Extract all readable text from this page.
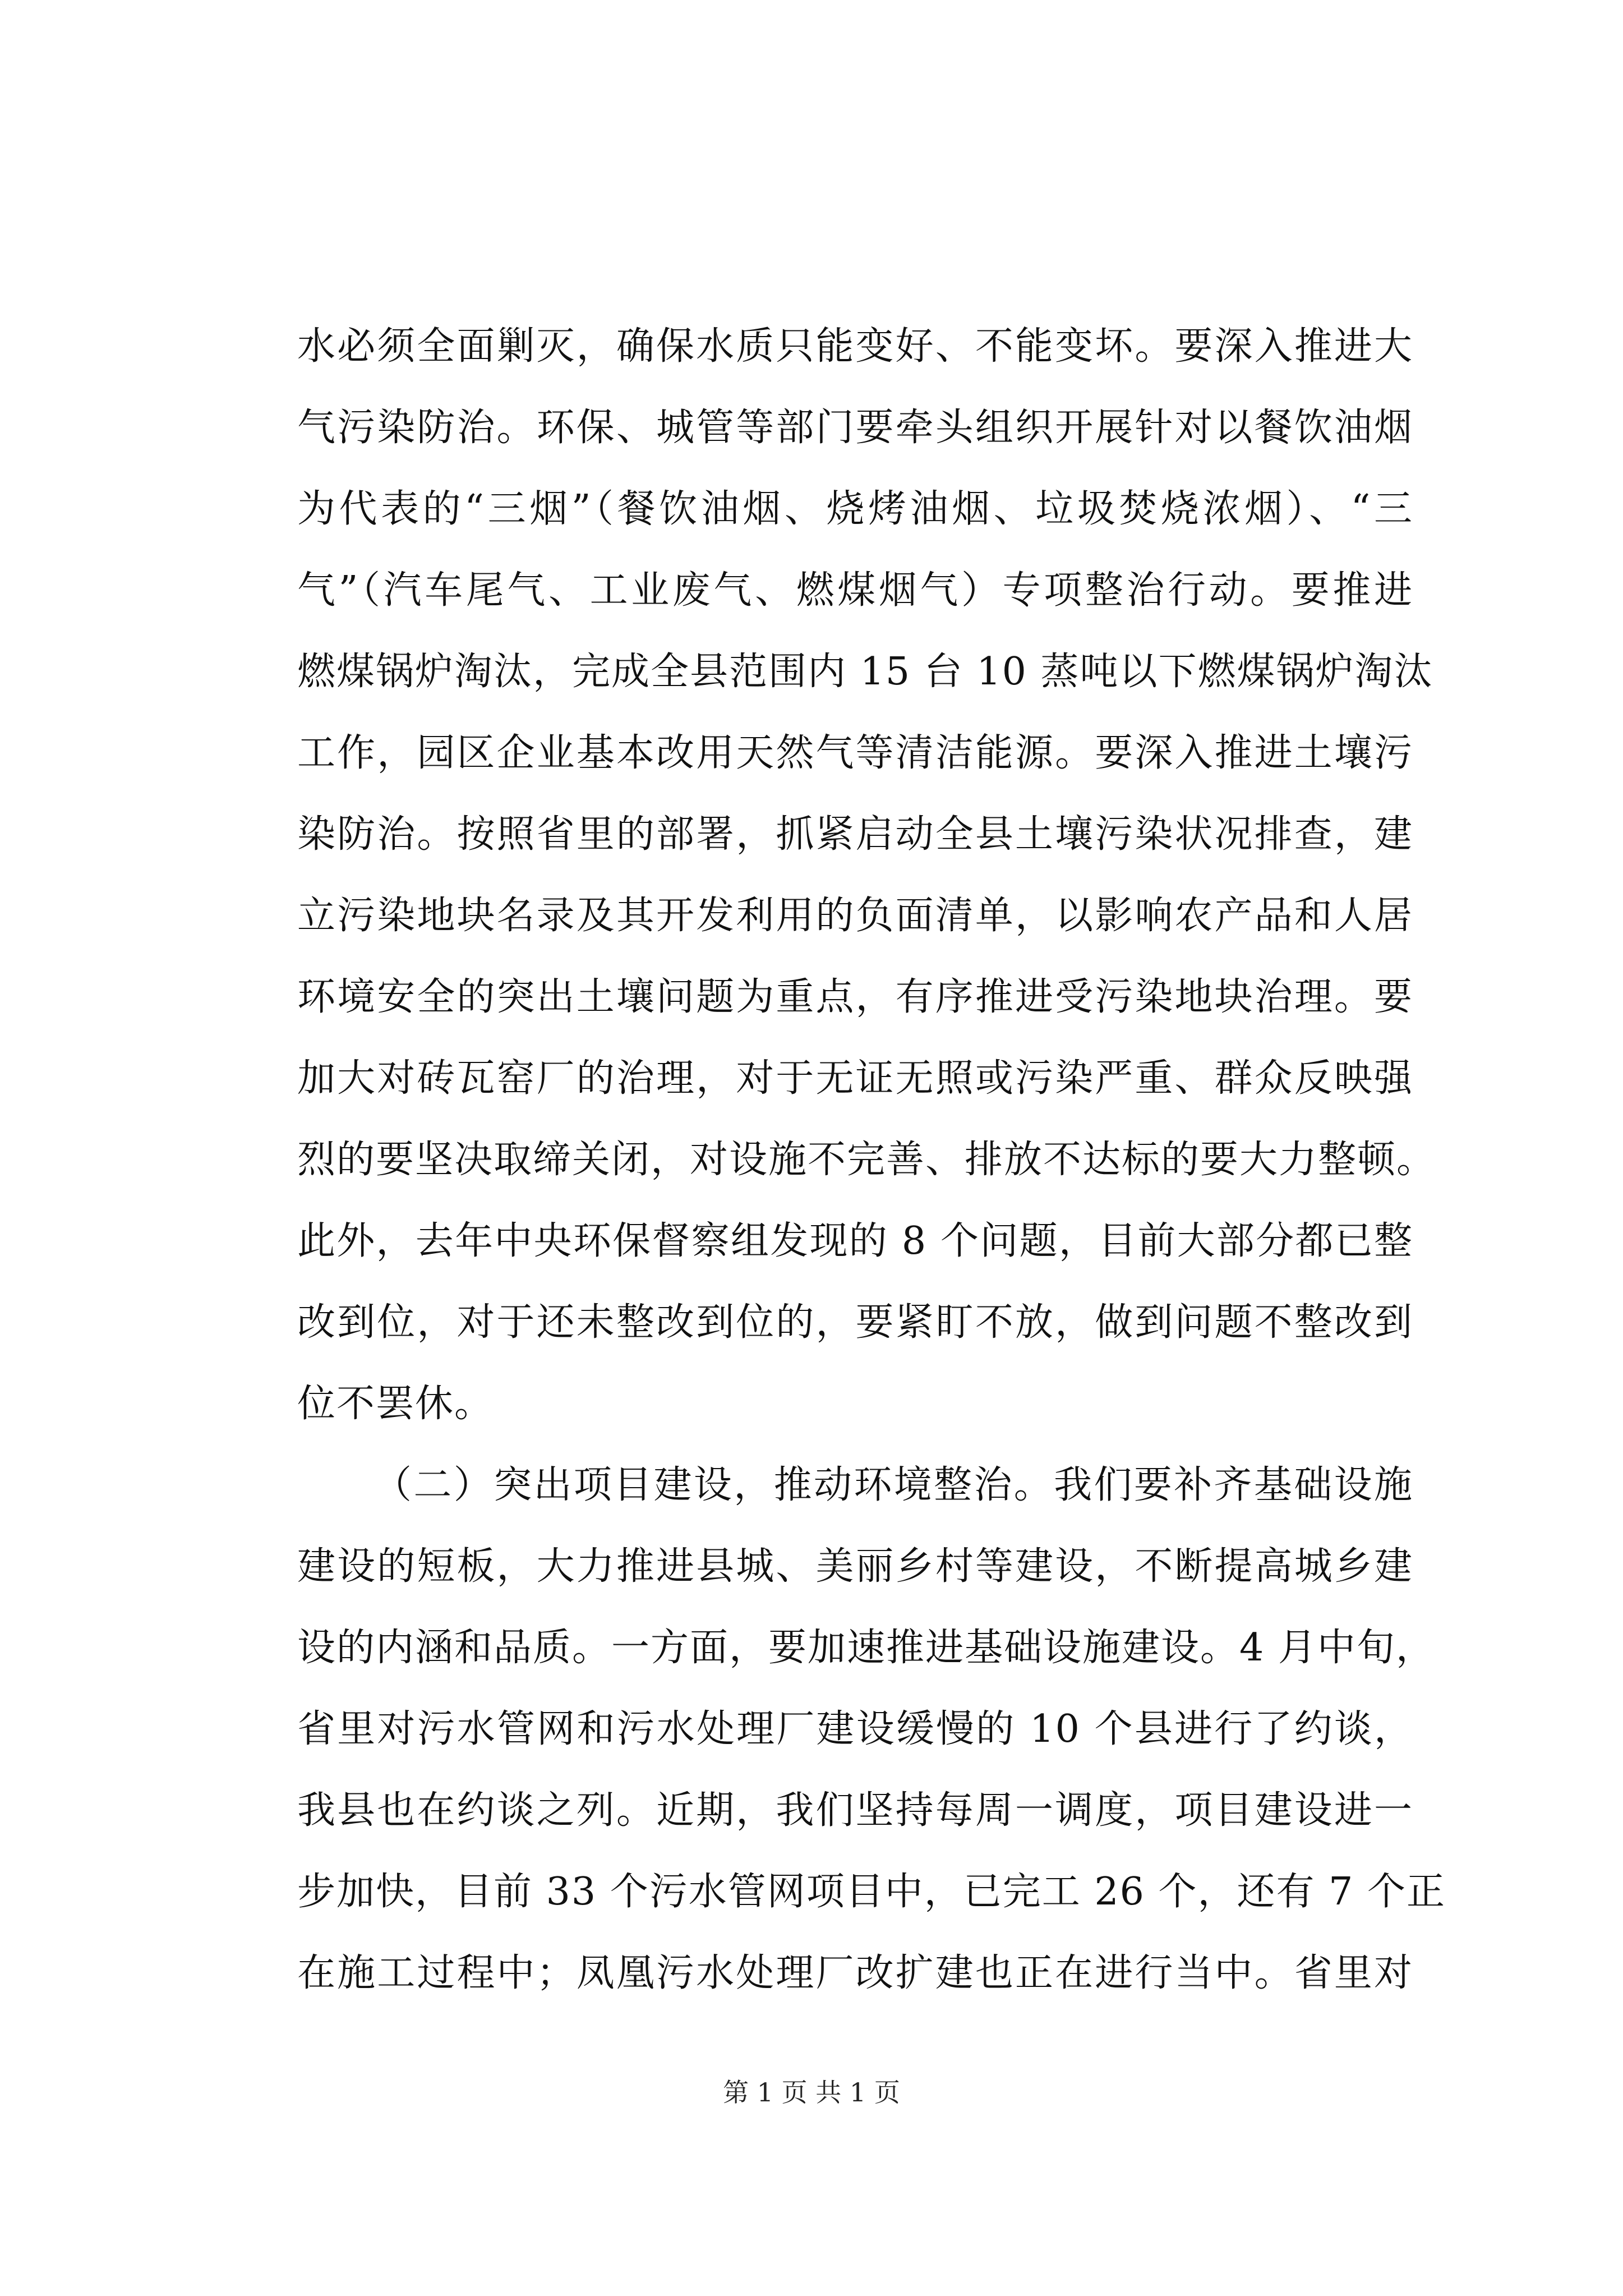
水必须全面剿灭，确保水质只能变好、不能变坏。要深入推进大
气污染防治。环保、城管等部门要牵头组织开展针对以餐饮油烟
为代表的“三烟”（餐饮油烟、烧烤油烟、垃圾焚烧浓烟）、“三
气”（汽车尾气、工业废气、燃煤烟气）专项整治行动。要推进
燃煤锅炉淘汰，完成全县范围内 15 台 10 蒸吨以下燃煤锅炉淘汰
工作，园区企业基本改用天然气等清洁能源。要深入推进土壤污
染防治。按照省里的部署，抓紧启动全县土壤污染状况排查，建
立污染地块名录及其开发利用的负面清单，以影响农产品和人居
环境安全的突出土壤问题为重点，有序推进受污染地块治理。要
加大对砖瓦窑厂的治理，对于无证无照或污染严重、群众反映强
烈的要坚决取缔关闭，对设施不完善、排放不达标的要大力整顿。
此外，去年中央环保督察组发现的 8 个问题，目前大部分都已整
改到位，对于还未整改到位的，要紧盯不放，做到问题不整改到
位不罢休。
（二）突出项目建设，推动环境整治。我们要补齐基础设施
建设的短板，大力推进县城、美丽乡村等建设，不断提高城乡建
设的内涵和品质。一方面，要加速推进基础设施建设。4 月中旬，
省里对污水管网和污水处理厂建设缓慢的 10 个县进行了约谈，
我县也在约谈之列。近期，我们坚持每周一调度，项目建设进一
步加快，目前 33 个污水管网项目中，已完工 26 个，还有 7 个正
在施工过程中；凤凰污水处理厂改扩建也正在进行当中。省里对
第 1 页 共 1 页
